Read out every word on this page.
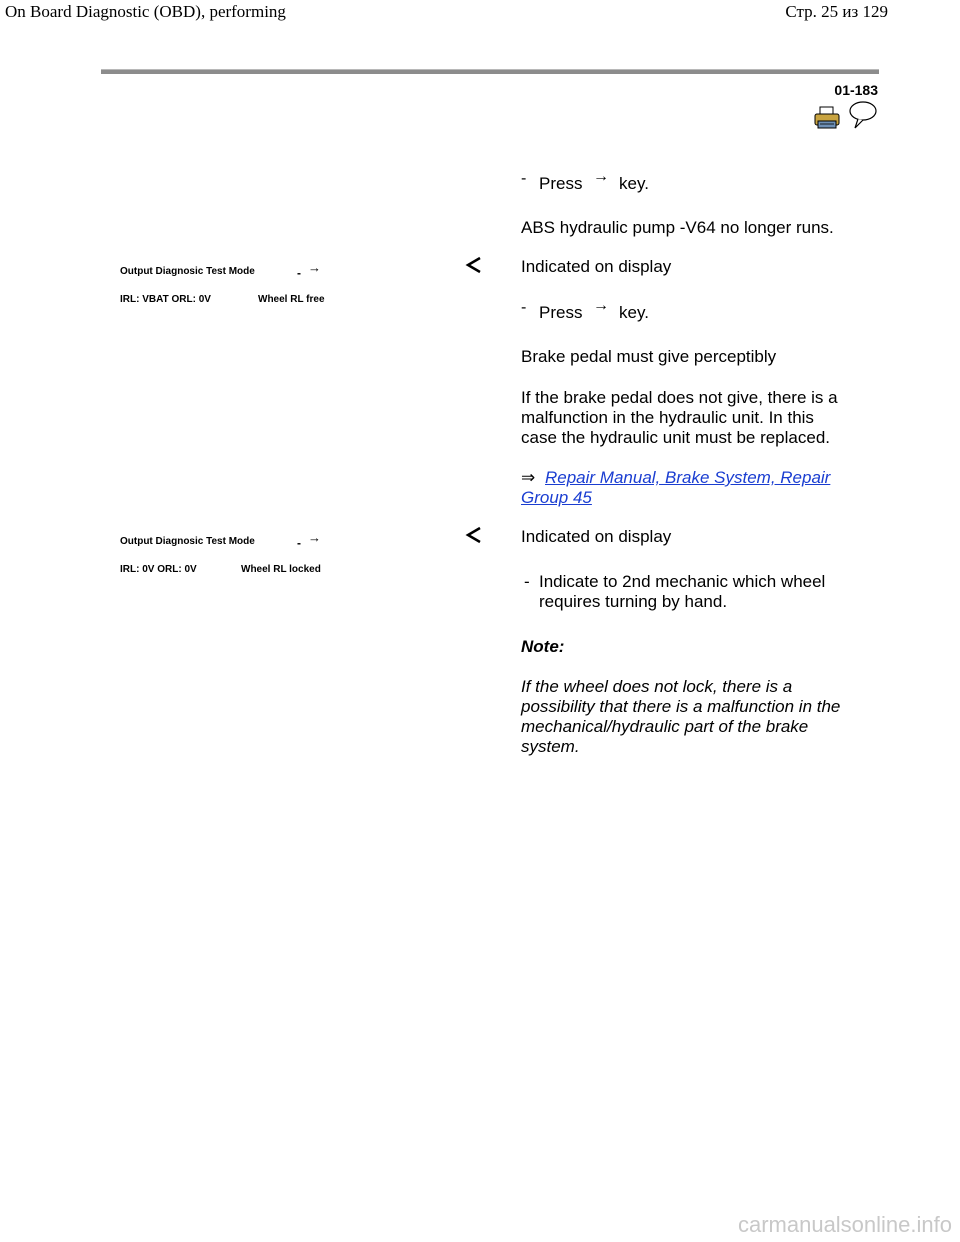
On Board Diagnostic (OBD), performing	Стр. 25 из 129
01-183
- Press → key.
ABS hydraulic pump -V64 no longer runs.
Output Diagnosic Test Mode	- →
IRL: VBAT ORL: 0V	Wheel RL free
Indicated on display
- Press → key.
Brake pedal must give perceptibly
If the brake pedal does not give, there is a
malfunction in the hydraulic unit. In this
case the hydraulic unit must be replaced.
⇒ Repair Manual, Brake System, Repair
Group 45
Output Diagnosic Test Mode	- →
IRL: 0V ORL: 0V	Wheel RL locked
Indicated on display
- Indicate to 2nd mechanic which wheel
requires turning by hand.
Note:
If the wheel does not lock, there is a
possibility that there is a malfunction in the
mechanical/hydraulic part of the brake
system.
carmanualsonline.info
